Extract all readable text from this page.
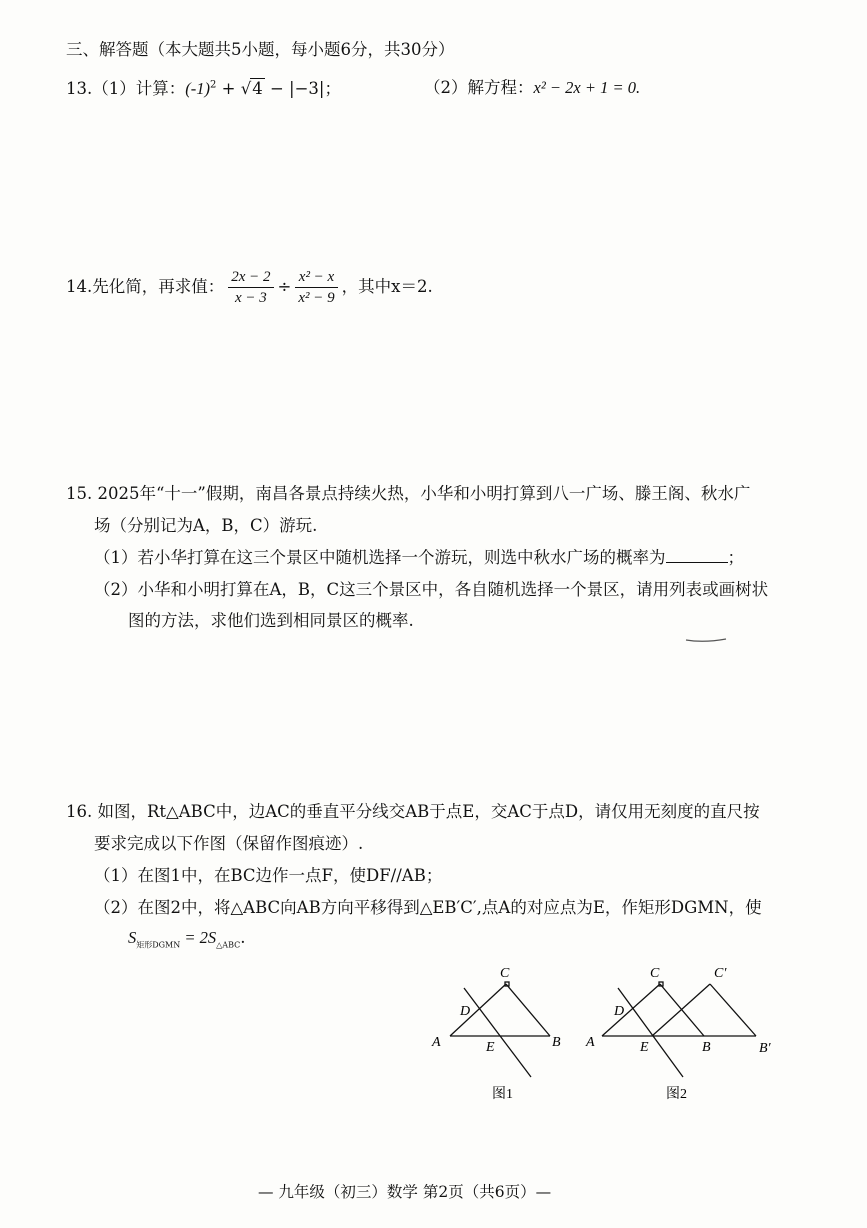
三、解答题（本大题共5小题，每小题6分，共30分）
13.（1）计算：$(-1)^2 + √4 - |-3|$；	（2）解方程：x² − 2x + 1 = 0.
14.先化简，再求值： $\frac{2x - 2}{x - 3} \div \frac{\text{x² − x}}{\text{x² − 9}}$ ，其中x＝2.
15. 2025年“十一”假期，南昌各景点持续火热，小华和小明打算到八一广场、滕王阁、秋水广
场（分别记为A，B，C）游玩.
（1）若小华打算在这三个景区中随机选择一个游玩，则选中秋水广场的概率为	；
（2）小华和小明打算在A，B，C这三个景区中，各自随机选择一个景区，请用列表或画树状
图的方法，求他们选到相同景区的概率.
16. 如图，Rt△ABC中，边AC的垂直平分线交AB于点E，交AC于点D，请仅用无刻度的直尺按
要求完成以下作图（保留作图痕迹）.
（1）在图1中，在BC边作一点F，使DF//AB；
（2）在图2中，将△ABC向AB方向平移得到△EB′C′,点A的对应点为E，作矩形DGMN，使
$S_{矩形DGMN} = 2S_{\triangle ABC}$.
C
D
A	E	B
图1
C	C′
D
A	E	B	B′
图2
— 九年级（初三）数学 第2页（共6页）—
